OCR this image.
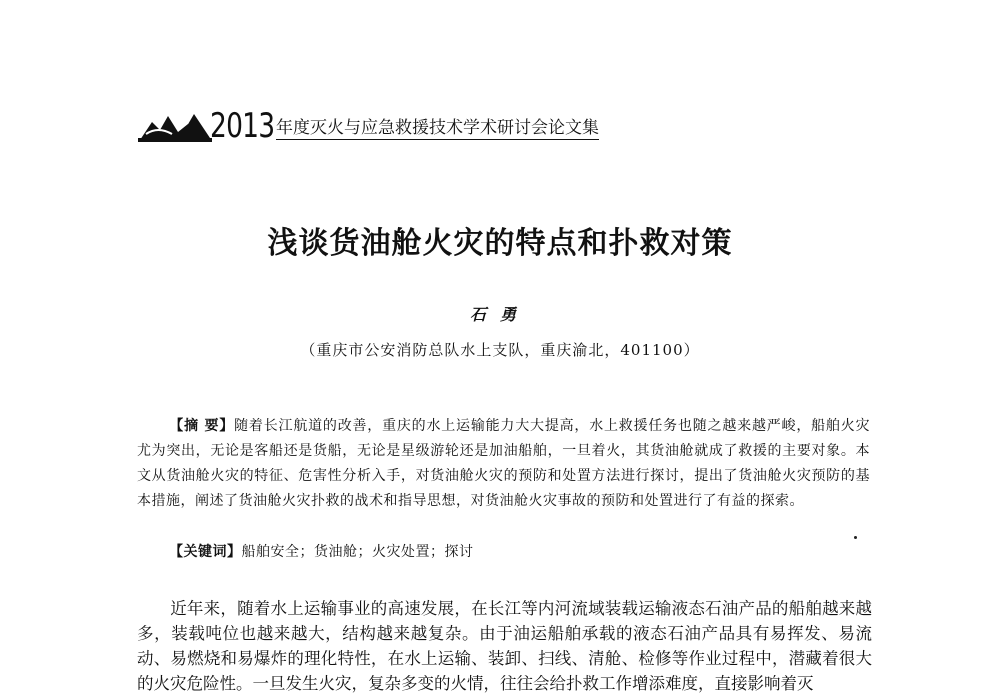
2013 年度灭火与应急救援技术学术研讨会论文集
浅谈货油舱火灾的特点和扑救对策
石勇
（重庆市公安消防总队水上支队，重庆渝北，401100）
【摘 要】随着长江航道的改善，重庆的水上运输能力大大提高，水上救援任务也随之越来越严峻，船舶火灾尤为突出，无论是客船还是货船，无论是星级游轮还是加油船舶，一旦着火，其货油舱就成了救援的主要对象。本文从货油舱火灾的特征、危害性分析入手，对货油舱火灾的预防和处置方法进行探讨，提出了货油舱火灾预防的基本措施，阐述了货油舱火灾扑救的战术和指导思想，对货油舱火灾事故的预防和处置进行了有益的探索。
【关键词】船舶安全；货油舱；火灾处置；探讨
近年来，随着水上运输事业的高速发展，在长江等内河流域装载运输液态石油产品的船舶越来越多，装载吨位也越来越大，结构越来越复杂。由于油运船舶承载的液态石油产品具有易挥发、易流动、易燃烧和易爆炸的理化特性，在水上运输、装卸、扫线、清舱、检修等作业过程中，潜藏着很大的火灾危险性。一旦发生火灾，复杂多变的火情，往往会给扑救工作增添难度，直接影响着灭
